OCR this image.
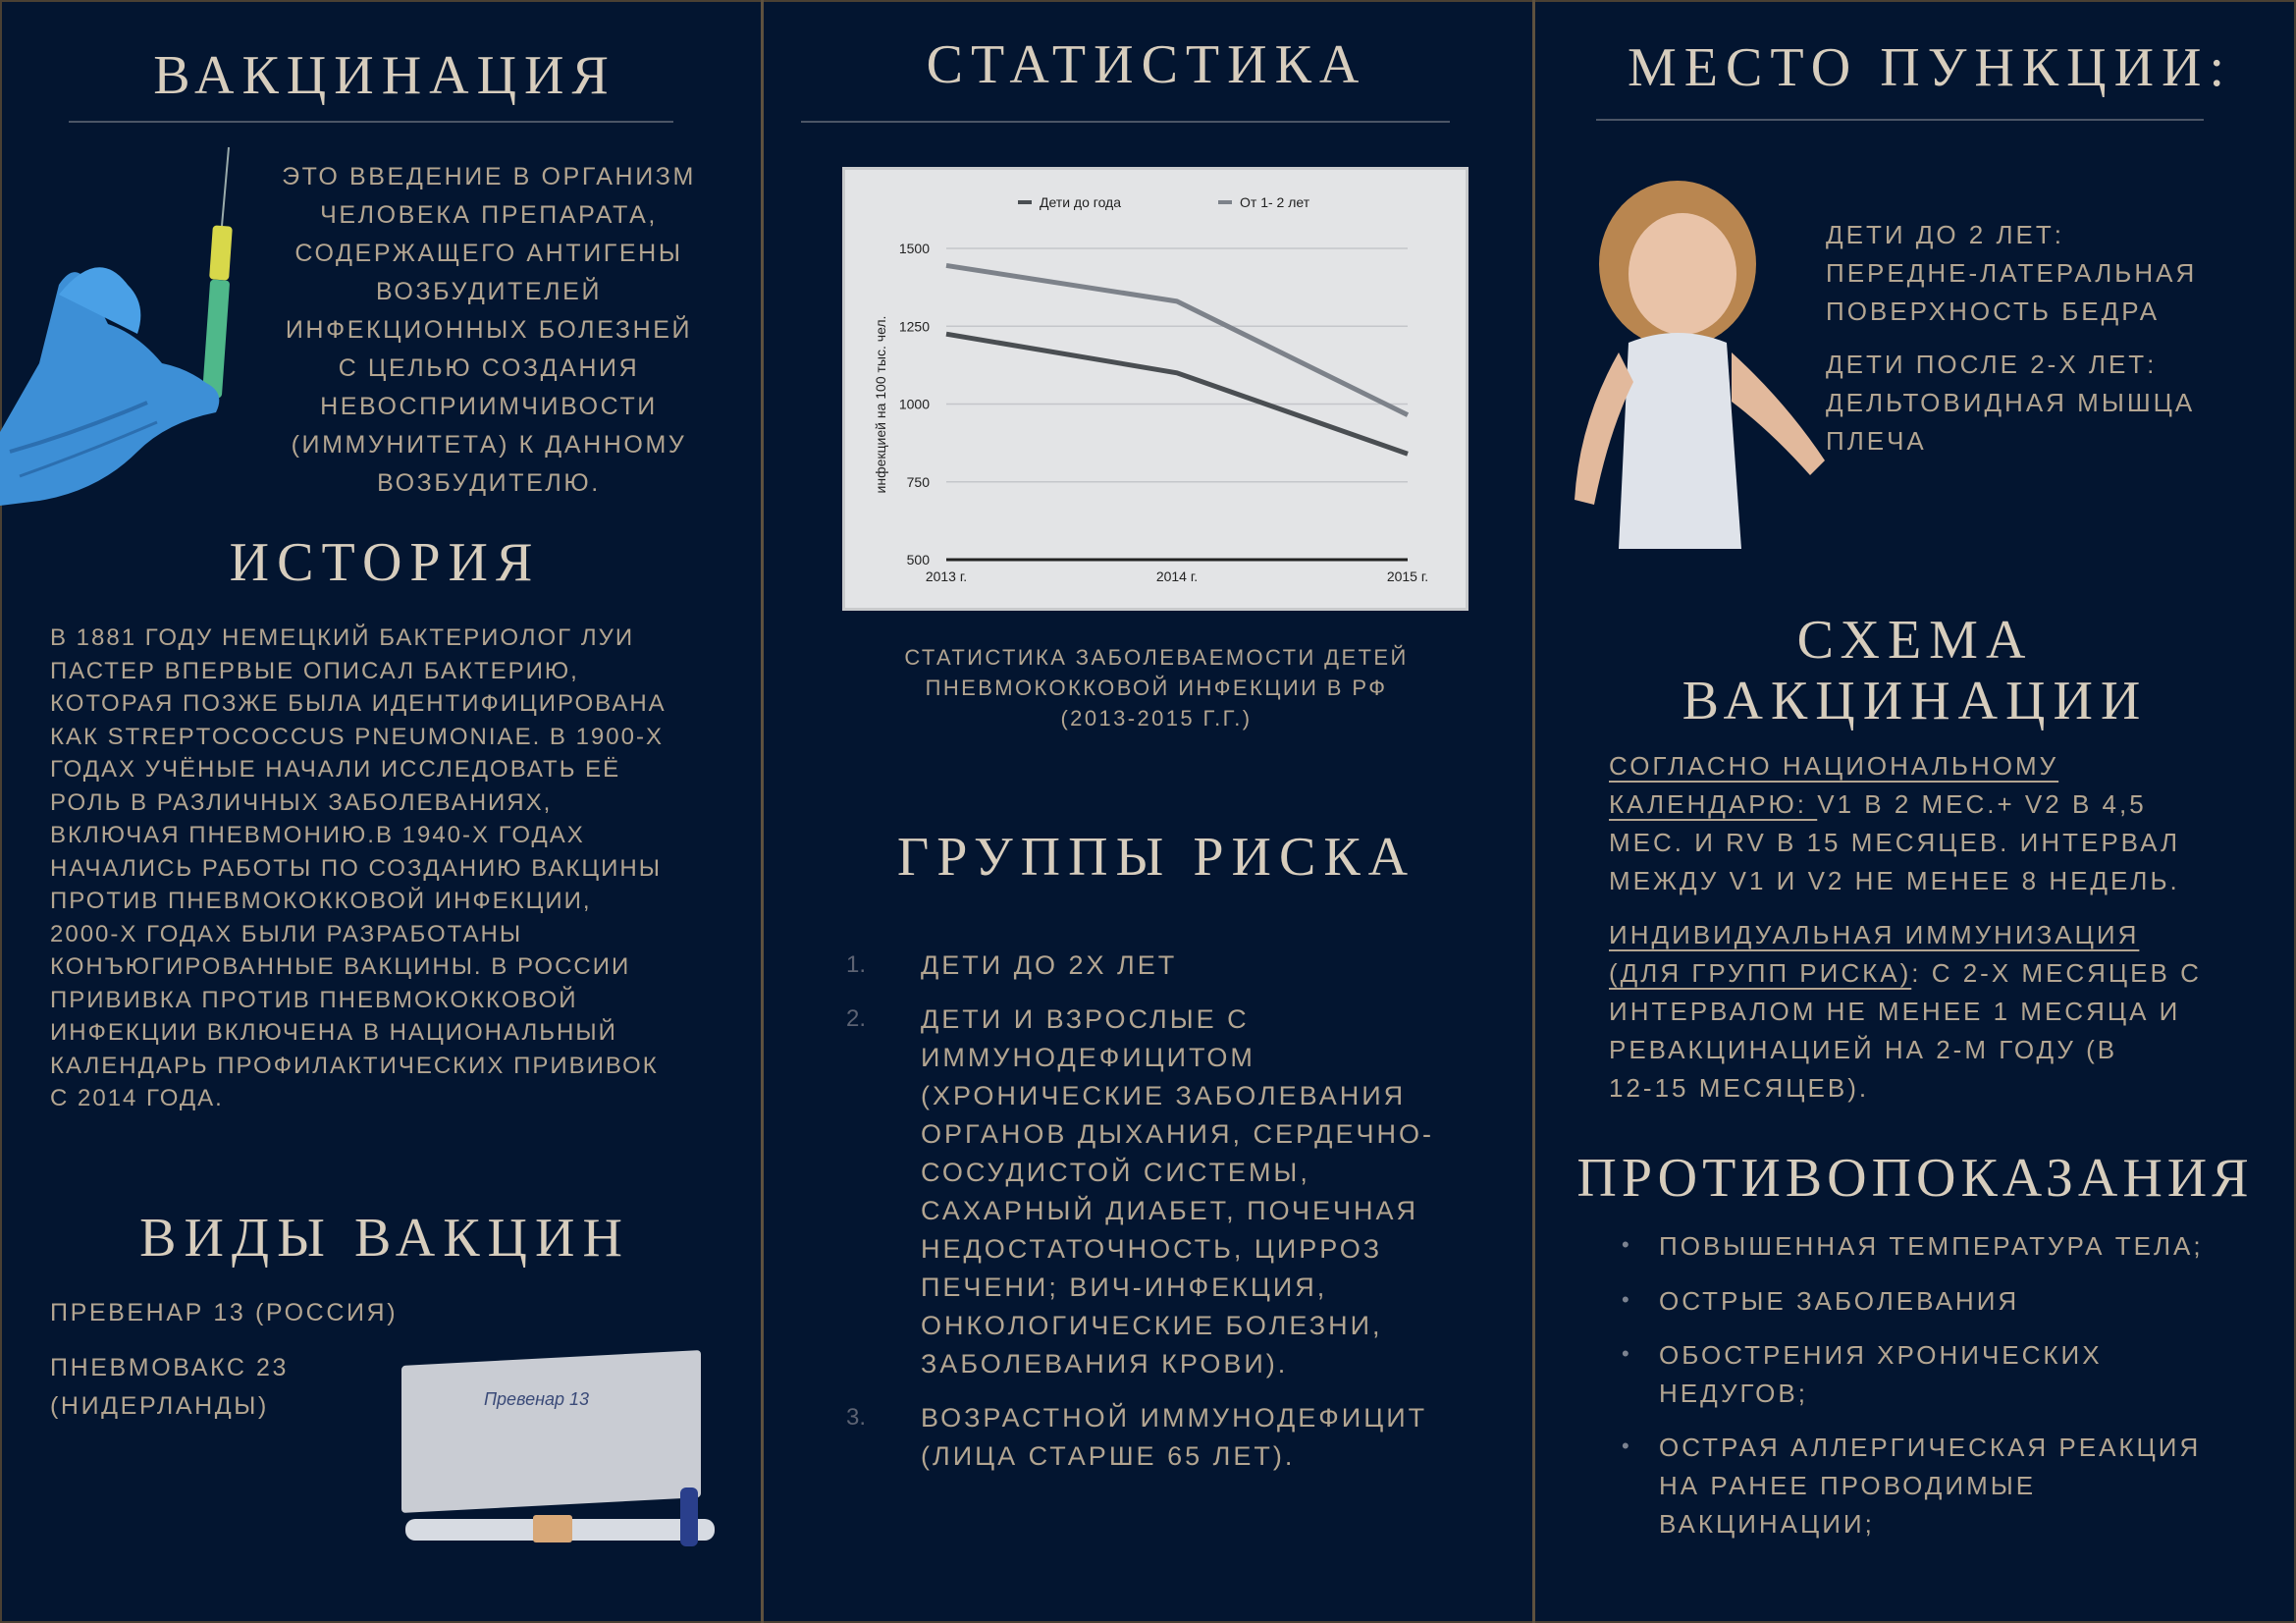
ВАКЦИНАЦИЯ
ЭТО ВВЕДЕНИЕ В ОРГАНИЗМ
ЧЕЛОВЕКА ПРЕПАРАТА,
СОДЕРЖАЩЕГО АНТИГЕНЫ
ВОЗБУДИТЕЛЕЙ
ИНФЕКЦИОННЫХ БОЛЕЗНЕЙ
С ЦЕЛЬЮ СОЗДАНИЯ
НЕВОСПРИИМЧИВОСТИ
(ИММУНИТЕТА) К ДАННОМУ
ВОЗБУДИТЕЛЮ.
ИСТОРИЯ
В 1881 ГОДУ НЕМЕЦКИЙ БАКТЕРИОЛОГ ЛУИ
ПАСТЕР ВПЕРВЫЕ ОПИСАЛ БАКТЕРИЮ,
КОТОРАЯ ПОЗЖЕ БЫЛА ИДЕНТИФИЦИРОВАНА
КАК STREPTOCOCCUS PNEUMONIAE. В 1900-Х
ГОДАХ УЧЁНЫЕ НАЧАЛИ ИССЛЕДОВАТЬ ЕЁ
РОЛЬ В РАЗЛИЧНЫХ ЗАБОЛЕВАНИЯХ,
ВКЛЮЧАЯ ПНЕВМОНИЮ.В 1940-Х ГОДАХ
НАЧАЛИСЬ РАБОТЫ ПО СОЗДАНИЮ ВАКЦИНЫ
ПРОТИВ ПНЕВМОКОККОВОЙ ИНФЕКЦИИ,
2000-Х ГОДАХ БЫЛИ РАЗРАБОТАНЫ
КОНЪЮГИРОВАННЫЕ ВАКЦИНЫ. В РОССИИ
ПРИВИВКА ПРОТИВ ПНЕВМОКОККОВОЙ
ИНФЕКЦИИ ВКЛЮЧЕНА В НАЦИОНАЛЬНЫЙ
КАЛЕНДАРЬ ПРОФИЛАКТИЧЕСКИХ ПРИВИВОК
С 2014 ГОДА.
ВИДЫ ВАКЦИН
ПРЕВЕНАР 13 (РОССИЯ)
ПНЕВМОВАКС 23
(НИДЕРЛАНДЫ)	Превенар 13
СТАТИСТИКА
Дети до года	От 1- 2 лет
500
750
1000
1250
1500
2013 г.	2014 г.	2015 г.
инфекцией на 100 тыс. чел.
СТАТИСТИКА ЗАБОЛЕВАЕМОСТИ ДЕТЕЙ
ПНЕВМОКОККОВОЙ ИНФЕКЦИИ В РФ
(2013-2015 Г.Г.)
ГРУППЫ РИСКА
1. ДЕТИ ДО 2Х ЛЕТ
2. ДЕТИ И ВЗРОСЛЫЕ С
ИММУНОДЕФИЦИТОМ
(ХРОНИЧЕСКИЕ ЗАБОЛЕВАНИЯ
ОРГАНОВ ДЫХАНИЯ, СЕРДЕЧНО-
СОСУДИСТОЙ СИСТЕМЫ,
САХАРНЫЙ ДИАБЕТ, ПОЧЕЧНАЯ
НЕДОСТАТОЧНОСТЬ, ЦИРРОЗ
ПЕЧЕНИ; ВИЧ-ИНФЕКЦИЯ,
ОНКОЛОГИЧЕСКИЕ БОЛЕЗНИ,
ЗАБОЛЕВАНИЯ КРОВИ).
3. ВОЗРАСТНОЙ ИММУНОДЕФИЦИТ
(ЛИЦА СТАРШЕ 65 ЛЕТ).
МЕСТО ПУНКЦИИ:
ДЕТИ ДО 2 ЛЕТ:
ПЕРЕДНЕ-ЛАТЕРАЛЬНАЯ
ПОВЕРХНОСТЬ БЕДРА
ДЕТИ ПОСЛЕ 2-Х ЛЕТ:
ДЕЛЬТОВИДНАЯ МЫШЦА
ПЛЕЧА
СХЕМА
ВАКЦИНАЦИИ
СОГЛАСНО НАЦИОНАЛЬНОМУ
КАЛЕНДАРЮ: V1 В 2 МЕС.+ V2 В 4,5
МЕС. И RV В 15 МЕСЯЦЕВ. ИНТЕРВАЛ
МЕЖДУ V1 И V2 НЕ МЕНЕЕ 8 НЕДЕЛЬ.
ИНДИВИДУАЛЬНАЯ ИММУНИЗАЦИЯ
(ДЛЯ ГРУПП РИСКА): С 2-Х МЕСЯЦЕВ С
ИНТЕРВАЛОМ НЕ МЕНЕЕ 1 МЕСЯЦА И
РЕВАКЦИНАЦИЕЙ НА 2-М ГОДУ (В
12-15 МЕСЯЦЕВ).
ПРОТИВОПОКАЗАНИЯ
• ПОВЫШЕННАЯ ТЕМПЕРАТУРА ТЕЛА;
• ОСТРЫЕ ЗАБОЛЕВАНИЯ
• ОБОСТРЕНИЯ ХРОНИЧЕСКИХ
НЕДУГОВ;
• ОСТРАЯ АЛЛЕРГИЧЕСКАЯ РЕАКЦИЯ
НА РАНЕЕ ПРОВОДИМЫЕ
ВАКЦИНАЦИИ;
